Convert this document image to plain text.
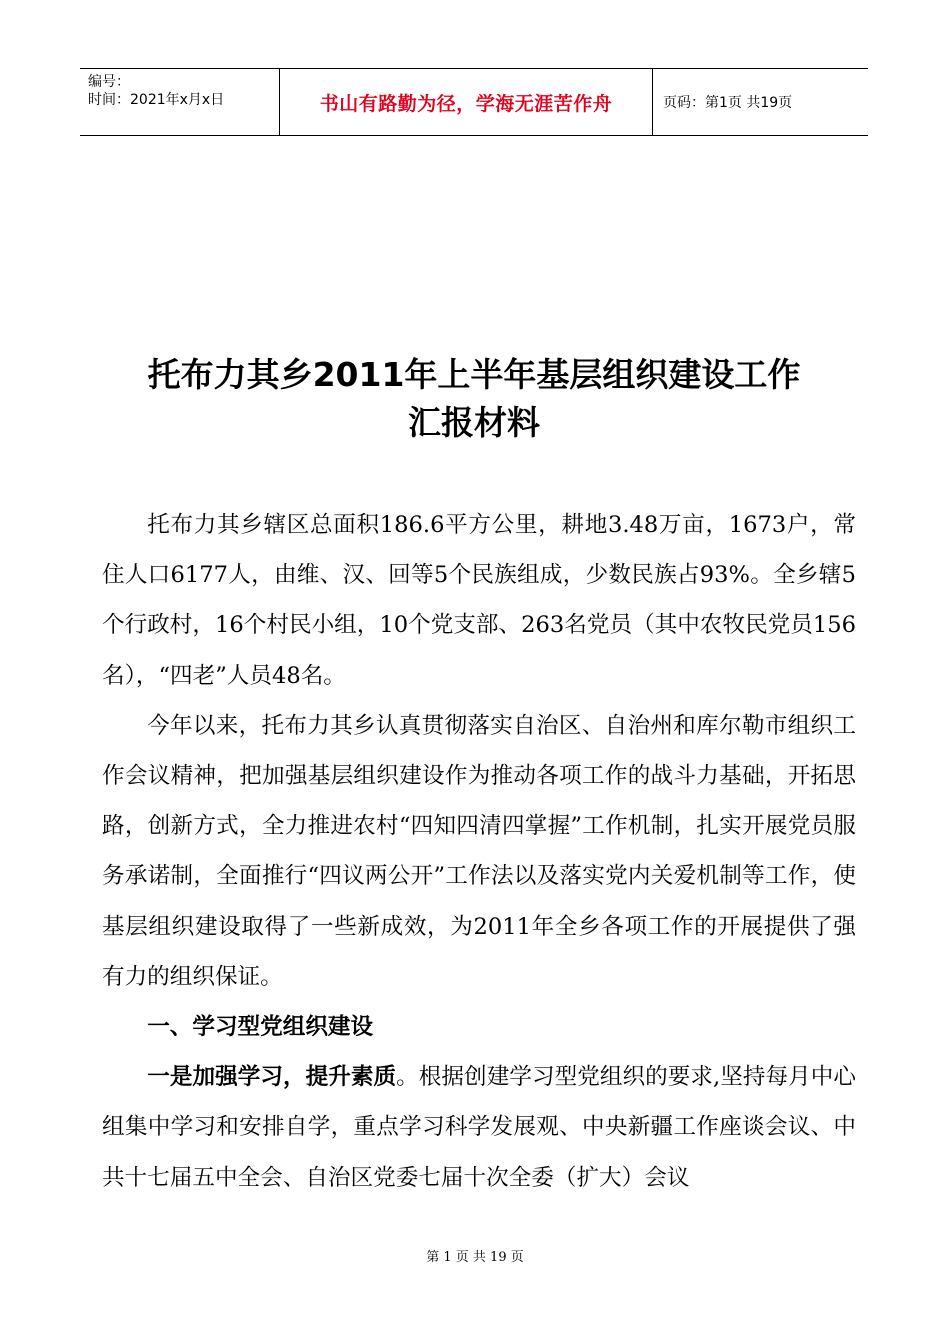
编号：
时间：2021年x月x日	书山有路勤为径，学海无涯苦作舟	页码：第1页 共19页
托布力其乡2011年上半年基层组织建设工作
汇报材料

托布力其乡辖区总面积186.6平方公里，耕地3.48万亩，1673户，常住人口6177人，由维、汉、回等5个民族组成，少数民族占93%。全乡辖5个行政村，16个村民小组，10个党支部、263名党员（其中农牧民党员156名），“四老”人员48名。

今年以来，托布力其乡认真贯彻落实自治区、自治州和库尔勒市组织工作会议精神，把加强基层组织建设作为推动各项工作的战斗力基础，开拓思路，创新方式，全力推进农村“四知四清四掌握”工作机制，扎实开展党员服务承诺制，全面推行“四议两公开”工作法以及落实党内关爱机制等工作，使基层组织建设取得了一些新成效，为2011年全乡各项工作的开展提供了强有力的组织保证。

一、学习型党组织建设

一是加强学习，提升素质。根据创建学习型党组织的要求,坚持每月中心组集中学习和安排自学，重点学习科学发展观、中央新疆工作座谈会议、中共十七届五中全会、自治区党委七届十次全委（扩大）会议

第 1 页 共 19 页
